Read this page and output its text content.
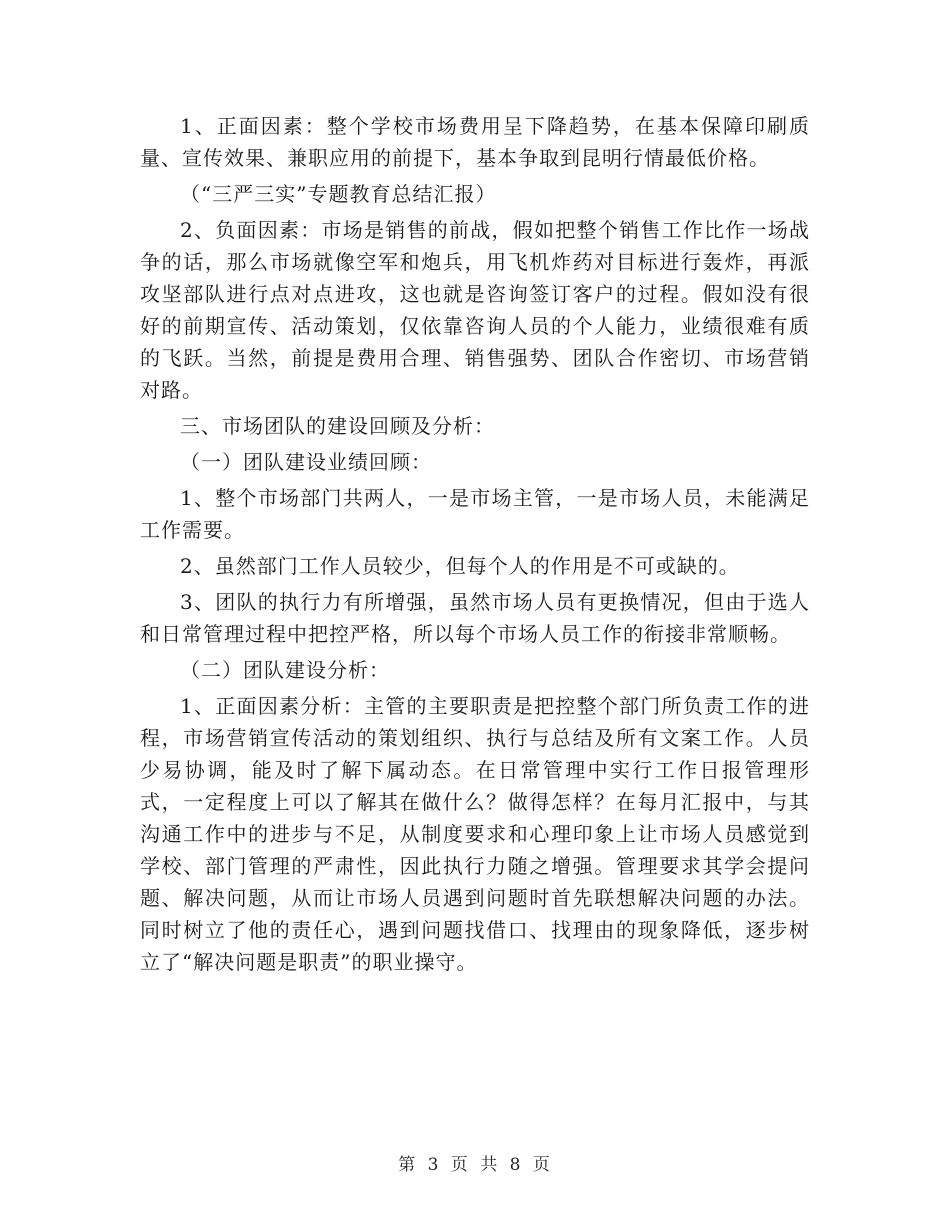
1、正面因素：整个学校市场费用呈下降趋势，在基本保障印刷质量、宣传效果、兼职应用的前提下，基本争取到昆明行情最低价格。

（“三严三实”专题教育总结汇报）

2、负面因素：市场是销售的前战，假如把整个销售工作比作一场战争的话，那么市场就像空军和炮兵，用飞机炸药对目标进行轰炸，再派攻坚部队进行点对点进攻，这也就是咨询签订客户的过程。假如没有很好的前期宣传、活动策划，仅依靠咨询人员的个人能力，业绩很难有质的飞跃。当然，前提是费用合理、销售强势、团队合作密切、市场营销对路。

三、市场团队的建设回顾及分析：

（一）团队建设业绩回顾：

1、整个市场部门共两人，一是市场主管，一是市场人员，未能满足工作需要。

2、虽然部门工作人员较少，但每个人的作用是不可或缺的。

3、团队的执行力有所增强，虽然市场人员有更换情况，但由于选人和日常管理过程中把控严格，所以每个市场人员工作的衔接非常顺畅。

（二）团队建设分析：

1、正面因素分析：主管的主要职责是把控整个部门所负责工作的进程，市场营销宣传活动的策划组织、执行与总结及所有文案工作。人员少易协调，能及时了解下属动态。在日常管理中实行工作日报管理形式，一定程度上可以了解其在做什么？做得怎样？在每月汇报中，与其沟通工作中的进步与不足，从制度要求和心理印象上让市场人员感觉到学校、部门管理的严肃性，因此执行力随之增强。管理要求其学会提问题、解决问题，从而让市场人员遇到问题时首先联想解决问题的办法。同时树立了他的责任心，遇到问题找借口、找理由的现象降低，逐步树立了“解决问题是职责”的职业操守。

第 3 页 共 8 页
